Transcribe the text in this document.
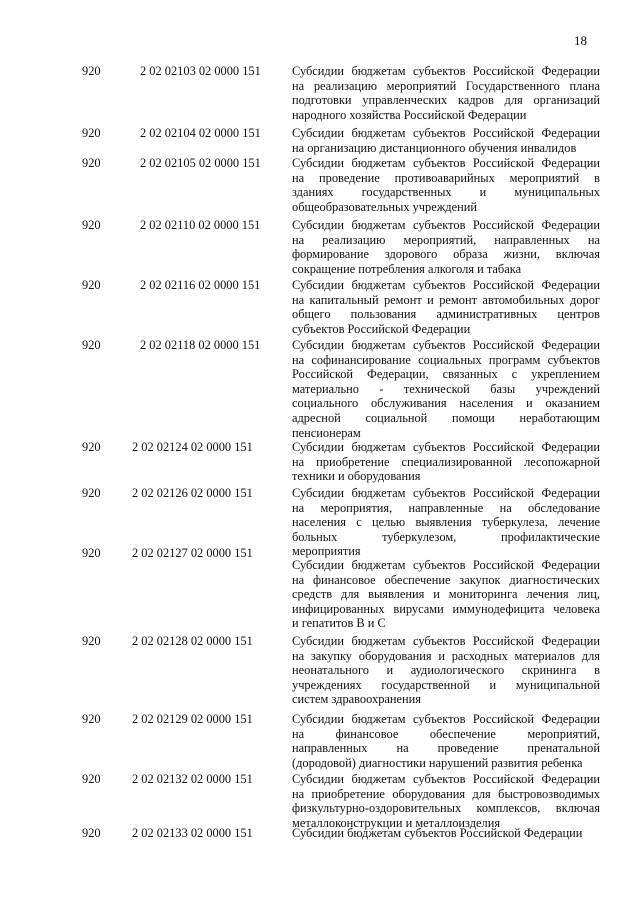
18
920	2 02 02103 02 0000 151	Субсидии бюджетам субъектов Российской Федерации
на реализацию мероприятий Государственного плана
подготовки управленческих кадров для организаций
народного хозяйства Российской Федерации
920	2 02 02104 02 0000 151	Субсидии бюджетам субъектов Российской Федерации
на организацию дистанционного обучения инвалидов
920	2 02 02105 02 0000 151	Субсидии бюджетам субъектов Российской Федерации
на проведение противоаварийных мероприятий в
зданиях государственных и муниципальных
общеобразовательных учреждений
920	2 02 02110 02 0000 151	Субсидии бюджетам субъектов Российской Федерации
на реализацию мероприятий, направленных на
формирование здорового образа жизни, включая
сокращение потребления алкоголя и табака
920	2 02 02116 02 0000 151	Субсидии бюджетам субъектов Российской Федерации
на капитальный ремонт и ремонт автомобильных дорог
общего пользования административных центров
субъектов Российской Федерации
920	2 02 02118 02 0000 151	Субсидии бюджетам субъектов Российской Федерации
на софинансирование социальных программ субъектов
Российской Федерации, связанных с укреплением
материально - технической базы учреждений
социального обслуживания населения и оказанием
адресной социальной помощи неработающим
пенсионерам
920	2 02 02124 02 0000 151	Субсидии бюджетам субъектов Российской Федерации
на приобретение специализированной лесопожарной
техники и оборудования
920	2 02 02126 02 0000 151	Субсидии бюджетам субъектов Российской Федерации
на мероприятия, направленные на обследование
населения с целью выявления туберкулеза, лечение
больных туберкулезом, профилактические
мероприятия
920	2 02 02127 02 0000 151
Субсидии бюджетам субъектов Российской Федерации
на финансовое обеспечение закупок диагностических
средств для выявления и мониторинга лечения лиц,
инфицированных вирусами иммунодефицита человека
и гепатитов В и С
920	2 02 02128 02 0000 151	Субсидии бюджетам субъектов Российской Федерации
на закупку оборудования и расходных материалов для
неонатального и аудиологического скрининга в
учреждениях государственной и муниципальной
систем здравоохранения
920	2 02 02129 02 0000 151	Субсидии бюджетам субъектов Российской Федерации
на финансовое обеспечение мероприятий,
направленных на проведение пренатальной
(дородовой) диагностики нарушений развития ребенка
920	2 02 02132 02 0000 151	Субсидии бюджетам субъектов Российской Федерации
на приобретение оборудования для быстровозводимых
физкультурно-оздоровительных комплексов, включая
металлоконструкции и металлоизделия
920	2 02 02133 02 0000 151	Субсидии бюджетам субъектов Российской Федерации
